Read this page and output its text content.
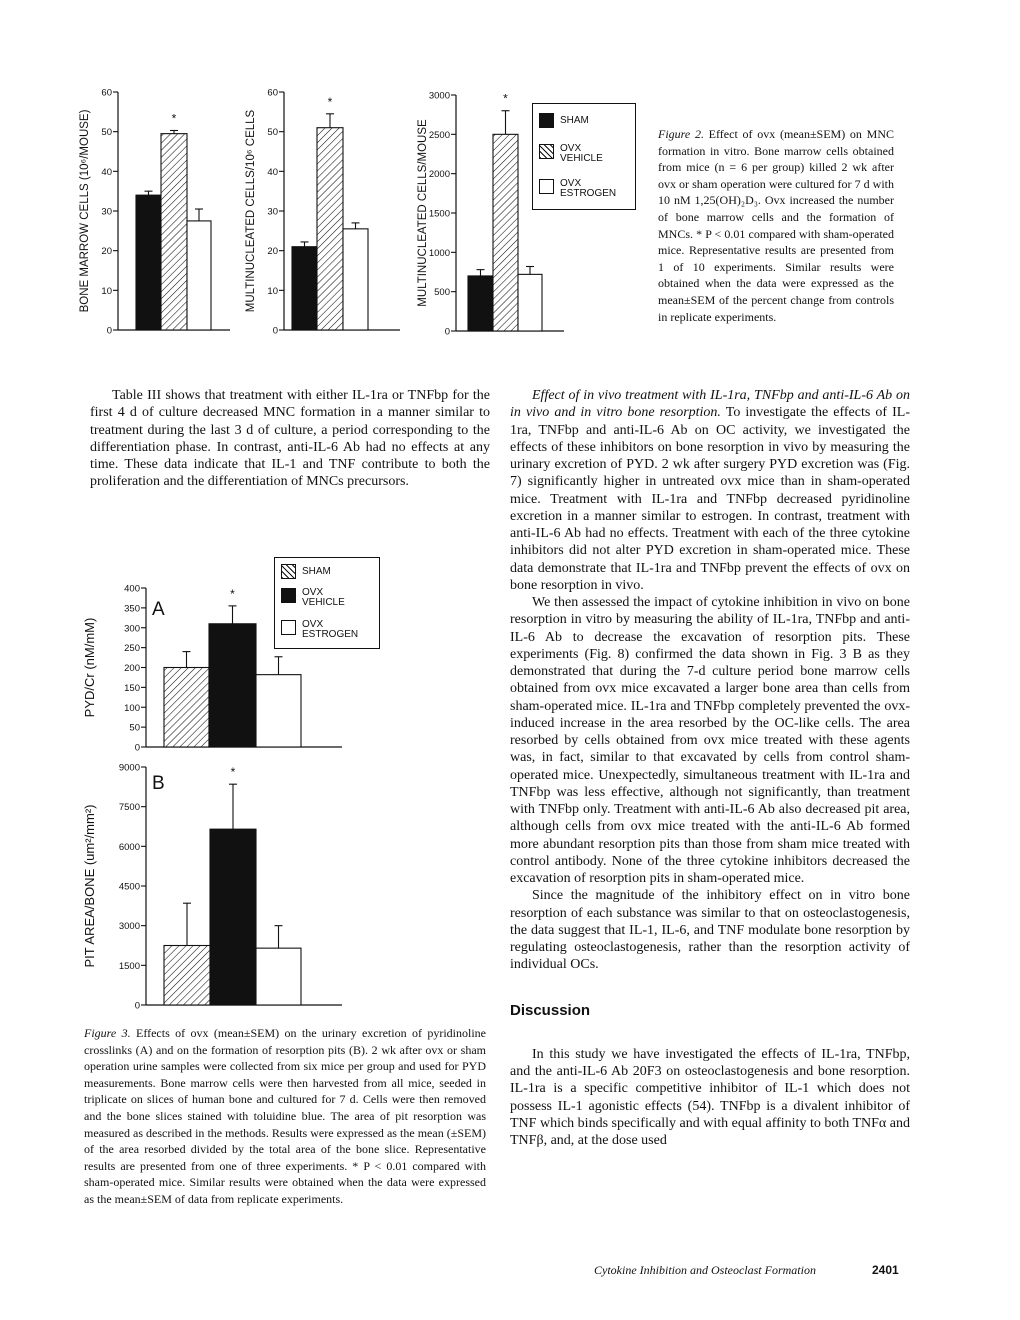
0
10
20
30
40
50
60
BONE MARROW CELLS (10⁶/MOUSE)	*
0
10
20
30
40
50
60
MULTINUCLEATED CELLS/10⁶ CELLS
*
0
500
1000
1500
2000
2500
3000
MULTINUCLEATED CELLS/MOUSE
*
SHAM
OVX
VEHICLE
OVX
ESTROGEN
Figure 2. Effect of ovx (mean±SEM) on MNC formation in vitro. Bone marrow cells obtained from mice (n = 6 per group) killed 2 wk after ovx or sham operation were cultured for 7 d with 10 nM 1,25(OH)₂D₃. Ovx increased the number of bone marrow cells and the formation of MNCs. * P < 0.01 compared with sham-operated mice. Representative results are presented from 1 of 10 experiments. Similar results were obtained when the data were expressed as the mean±SEM of the percent change from controls in replicate experiments.

Table III shows that treatment with either IL-1ra or TNFbp for the first 4 d of culture decreased MNC formation in a manner similar to treatment during the last 3 d of culture, a period corresponding to the differentiation phase. In contrast, anti-IL-6 Ab had no effects at any time. These data indicate that IL-1 and TNF contribute to both the proliferation and the differentiation of MNCs precursors.

0
50
100
150
200
250
300
350
400
PYD/Cr (nM/mM)
A
*
0
1500
3000
4500
6000
7500
9000
PIT AREA/BONE (um²/mm²)
B
*
SHAM
OVX
VEHICLE
OVX
ESTROGEN
Figure 3. Effects of ovx (mean±SEM) on the urinary excretion of pyridinoline crosslinks (A) and on the formation of resorption pits (B). 2 wk after ovx or sham operation urine samples were collected from six mice per group and used for PYD measurements. Bone marrow cells were then harvested from all mice, seeded in triplicate on slices of human bone and cultured for 7 d. Cells were then removed and the bone slices stained with toluidine blue. The area of pit resorption was measured as described in the methods. Results were expressed as the mean (±SEM) of the area resorbed divided by the total area of the bone slice. Representative results are presented from one of three experiments. * P < 0.01 compared with sham-operated mice. Similar results were obtained when the data were expressed as the mean±SEM of data from replicate experiments.

Effect of in vivo treatment with IL-1ra, TNFbp and anti-IL-6 Ab on in vivo and in vitro bone resorption. To investigate the effects of IL-1ra, TNFbp and anti-IL-6 Ab on OC activity, we investigated the effects of these inhibitors on bone resorption in vivo by measuring the urinary excretion of PYD. 2 wk after surgery PYD excretion was (Fig. 7) significantly higher in untreated ovx mice than in sham-operated mice. Treatment with IL-1ra and TNFbp decreased pyridinoline excretion in a manner similar to estrogen. In contrast, treatment with anti-IL-6 Ab had no effects. Treatment with each of the three cytokine inhibitors did not alter PYD excretion in sham-operated mice. These data demonstrate that IL-1ra and TNFbp prevent the effects of ovx on bone resorption in vivo.

We then assessed the impact of cytokine inhibition in vivo on bone resorption in vitro by measuring the ability of IL-1ra, TNFbp and anti-IL-6 Ab to decrease the excavation of resorption pits. These experiments (Fig. 8) confirmed the data shown in Fig. 3 B as they demonstrated that during the 7-d culture period bone marrow cells obtained from ovx mice excavated a larger bone area than cells from sham-operated mice. IL-1ra and TNFbp completely prevented the ovx-induced increase in the area resorbed by the OC-like cells. The area resorbed by cells obtained from ovx mice treated with these agents was, in fact, similar to that excavated by cells from control sham-operated mice. Unexpectedly, simultaneous treatment with IL-1ra and TNFbp was less effective, although not significantly, than treatment with TNFbp only. Treatment with anti-IL-6 Ab also decreased pit area, although cells from ovx mice treated with the anti-IL-6 Ab formed more abundant resorption pits than those from sham mice treated with control antibody. None of the three cytokine inhibitors decreased the excavation of resorption pits in sham-operated mice.

Since the magnitude of the inhibitory effect on in vitro bone resorption of each substance was similar to that on osteoclastogenesis, the data suggest that IL-1, IL-6, and TNF modulate bone resorption by regulating osteoclastogenesis, rather than the resorption activity of individual OCs.

Discussion

In this study we have investigated the effects of IL-1ra, TNFbp, and the anti-IL-6 Ab 20F3 on osteoclastogenesis and bone resorption. IL-1ra is a specific competitive inhibitor of IL-1 which does not possess IL-1 agonistic effects (54). TNFbp is a divalent inhibitor of TNF which binds specifically and with equal affinity to both TNFα and TNFβ, and, at the dose used

Cytokine Inhibition and Osteoclast Formation	2401
